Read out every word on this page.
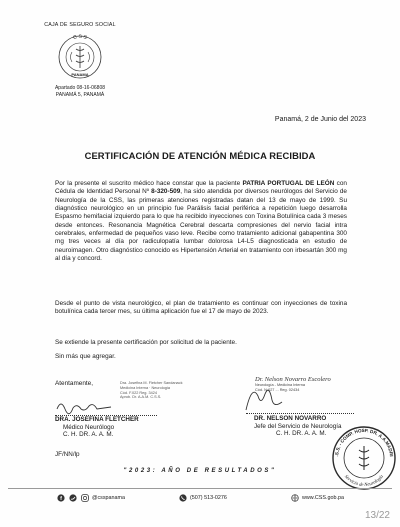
CAJA DE SEGURO SOCIAL
C S S
PANAMA
Apartado 08-16-06808
PANAMÁ 5, PANAMÁ
Panamá, 2 de Junio del 2023
CERTIFICACIÓN DE ATENCIÓN MÉDICA RECIBIDA
Por la presente el suscrito médico hace constar que la paciente PATRIA PORTUGAL DE LEÓN con Cédula de Identidad Personal Nº 8-320-509, ha sido atendida por diversos neurólogos del Servicio de Neurología de la CSS, las primeras atenciones registradas datan del 13 de mayo de 1999. Su diagnóstico neurológico en un principio fue Parálisis facial periférica a repetición luego desarrolla Espasmo hemifacial izquierdo para lo que ha recibido inyecciones con Toxina Botulínica cada 3 meses desde entonces. Resonancia Magnética Cerebral descarta compresiones del nervio facial intra cerebrales, enfermedad de pequeños vaso leve. Recibe como tratamiento adicional gabapentina 300 mg tres veces al día por radiculopatía lumbar dolorosa L4-L5 diagnosticada en estudio de neuroimagen. Otro diagnóstico conocido es Hipertensión Arterial en tratamiento con irbesartán 300 mg al día y concord.
Desde el punto de vista neurológico, el plan de tratamiento es continuar con inyecciones de toxina botulínica cada tercer mes, su última aplicación fue el 17 de mayo de 2023.
Se extiende la presente certificación por solicitud de la paciente.
Sin más que agregar.
Atentamente,	Dra. Josefina M. Fletcher Sandanack
Medicina Interna · Neurología
Cód. F.022 Reg. 3424
Aprob. Dr. A.A.M. C.S.S.
Dr. Nelson Novarro Escolero
Neurología - Medicina Interna
Cód. N-027 ... Reg. 02434
DRA. JOSEFINA FLETCHER
Médico Neurólogo
C. H. DR. A. A. M.
DR. NELSON NOVARRO
Jefe del Servicio de Neurología
C. H. DR. A. A. M.
.S.S. - COMP. HOSP. DR. A.A.MADRI
Servicio de Neurología
JF/NN/lp
"2023: AÑO DE RESULTADOS"
f	@csspanama	(507) 513-0276	www.CSS.gob.pa
13/22
